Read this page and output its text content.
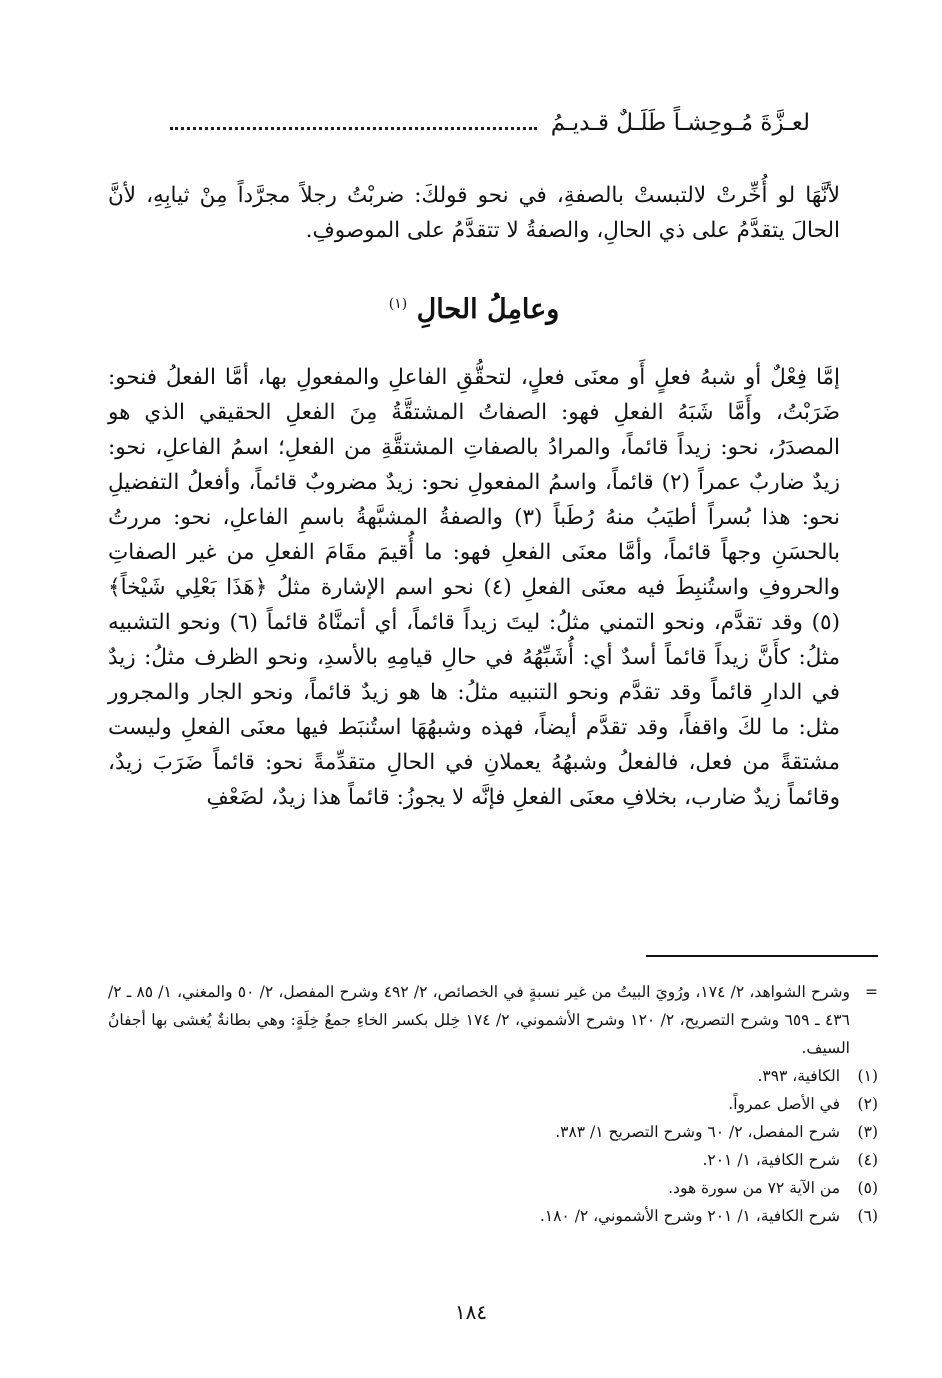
لعـزَّةَ مُـوحِشـاً طَلَـلٌ قـديـمُ
لأنَّهَا لو أُخِّرتْ لالتبستْ بالصفةِ، في نحو قولكَ: ضربْتُ رجلاً مجرَّداً مِنْ ثيابِهِ، لأنَّ الحالَ يتقدَّمُ على ذي الحالِ، والصفةُ لا تتقدَّمُ على الموصوفِ.
وعامِلُ الحالِ $^{(١)}$
إمَّا فِعْلٌ أو شبهُ فعلٍ أَو معنَى فعلٍ، لتحقُّقِ الفاعلِ والمفعولِ بها، أمَّا الفعلُ فنحو: ضَرَبْتُ، وأَمَّا شَبَهُ الفعلِ فهو: الصفاتُ المشتقَّةُ مِنَ الفعلِ الحقيقي الذي هو المصدَرُ، نحو: زيداً قائماً، والمرادُ بالصفاتِ المشتقَّةِ من الفعلِ؛ اسمُ الفاعلِ، نحو: زيدٌ ضاربٌ عمراً (٢) قائماً، واسمُ المفعولِ نحو: زيدٌ مضروبٌ قائماً، وأفعلُ التفضيلِ نحو: هذا بُسراً أطيَبُ منهُ رُطَباً (٣) والصفةُ المشبَّهةُ باسمِ الفاعلِ، نحو: مررتُ بالحسَنِ وجهاً قائماً، وأمَّا معنَى الفعلِ فهو: ما أُقيمَ مقَامَ الفعلِ من غير الصفاتِ والحروفِ واستُنبِطَ فيه معنَى الفعلِ (٤) نحو اسم الإشارة مثلُ ﴿هَذَا بَعْلِي شَيْخاً﴾ (٥) وقد تقدَّم، ونحو التمني مثلُ: ليتَ زيداً قائماً، أي أتمنَّاهُ قائماً (٦) ونحو التشبيه مثلُ: كأَنَّ زيداً قائماً أسدٌ أي: أُشَبِّهُهُ في حالِ قيامِهِ بالأسدِ، ونحو الظرف مثلُ: زيدٌ في الدارِ قائماً وقد تقدَّم ونحو التنبيه مثلُ: ها هو زيدٌ قائماً، ونحو الجار والمجرور مثل: ما لكَ واقفاً، وقد تقدَّم أيضاً، فهذه وشبهُهَا استُنبَط فيها معنَى الفعلِ وليست مشتقةً من فعل، فالفعلُ وشبهُهُ يعملانِ في الحالِ متقدِّمةً نحو: قائماً ضَرَبَ زيدٌ، وقائماً زيدٌ ضارب، بخلافِ معنَى الفعلِ فإنَّه لا يجوزُ: قائماً هذا زيدٌ، لضَعْفِ
=
وشرح الشواهد، ٢/ ١٧٤، ورُويَ البيتُ من غير نسبةٍ في الخصائص، ٢/ ٤٩٢ وشرح المفصل، ٢/ ٥٠ والمغني، ١/ ٨٥ ـ ٢/ ٤٣٦ ـ ٦٥٩ وشرح التصريح، ٢/ ١٢٠ وشرح الأشموني، ٢/ ١٧٤ خِلل بكسر الخاءِ جمعُ خِلَةٍ: وهي بطانةٌ يُغشى بها أجفانُ السيف.
(١)
الكافية، ٣٩٣.
(٢)
في الأصل عمرواً.
(٣)
شرح المفصل، ٢/ ٦٠ وشرح التصريح ١/ ٣٨٣.
(٤)
شرح الكافية، ١/ ٢٠١.
(٥)
من الآية ٧٢ من سورة هود.
(٦)
شرح الكافية، ١/ ٢٠١ وشرح الأشموني، ٢/ ١٨٠.
١٨٤
